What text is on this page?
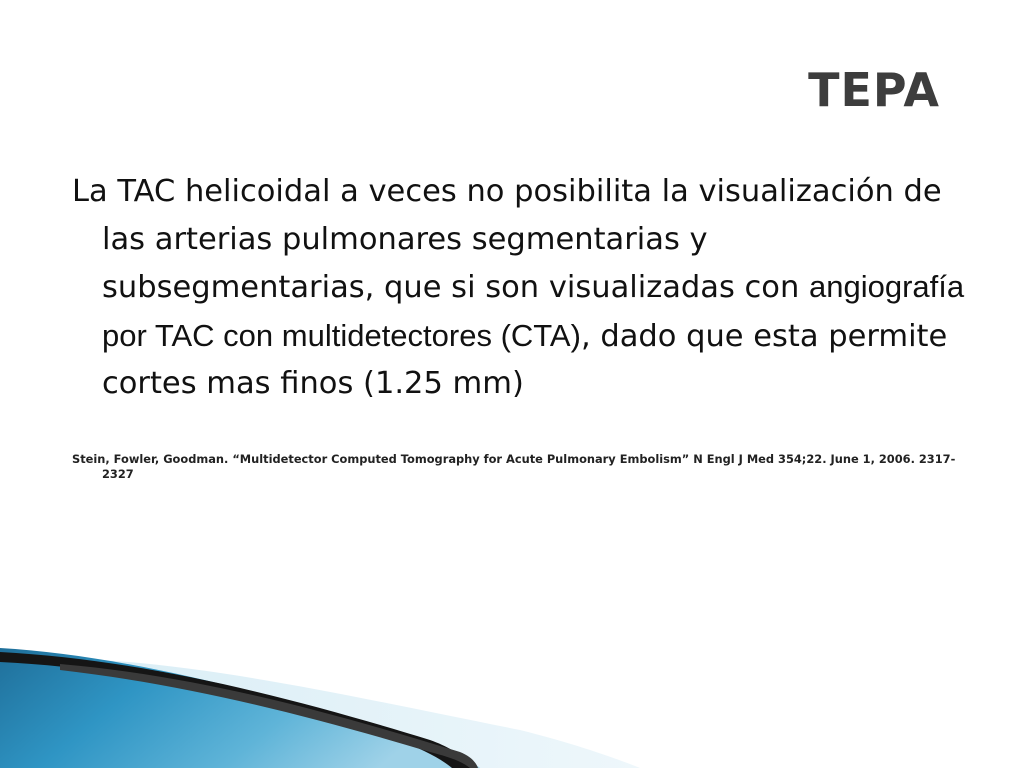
TEPA

La TAC helicoidal a veces no posibilita la visualización de las arterias pulmonares segmentarias y subsegmentarias, que si son visualizadas con angiografía por TAC con multidetectores (CTA), dado que esta permite cortes mas finos (1.25 mm)

Stein, Fowler, Goodman. “Multidetector Computed Tomography for Acute Pulmonary Embolism” N Engl J Med 354;22. June 1, 2006. 2317-2327
